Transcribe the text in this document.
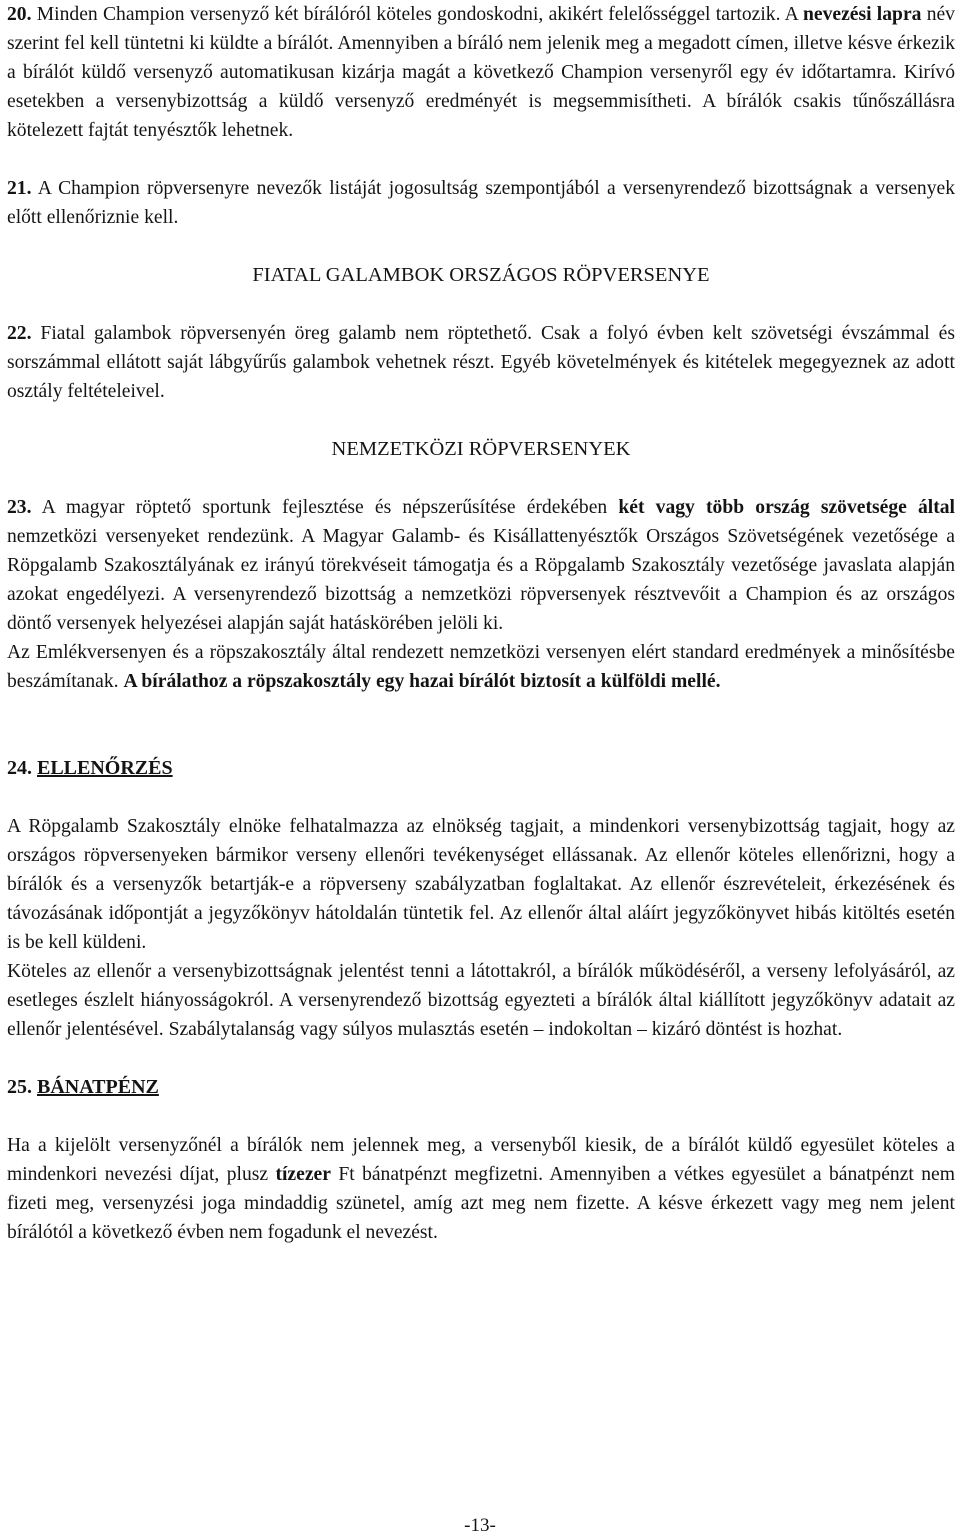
20. Minden Champion versenyző két bírálóról köteles gondoskodni, akikért felelősséggel tartozik. A nevezési lapra név szerint fel kell tüntetni ki küldte a bírálót. Amennyiben a bíráló nem jelenik meg a megadott címen, illetve késve érkezik a bírálót küldő versenyző automatikusan kizárja magát a következő Champion versenyről egy év időtartamra. Kirívó esetekben a versenybizottság a küldő versenyző eredményét is megsemmisítheti. A bírálók csakis tűnőszállásra kötelezett fajtát tenyésztők lehetnek.

21. A Champion röpversenyre nevezők listáját jogosultság szempontjából a versenyrendező bizottságnak a versenyek előtt ellenőriznie kell.

FIATAL GALAMBOK ORSZÁGOS RÖPVERSENYE

22. Fiatal galambok röpversenyén öreg galamb nem röptethető. Csak a folyó évben kelt szövetségi évszámmal és sorszámmal ellátott saját lábgyűrűs galambok vehetnek részt. Egyéb követelmények és kitételek megegyeznek az adott osztály feltételeivel.

NEMZETKÖZI RÖPVERSENYEK

23. A magyar röptető sportunk fejlesztése és népszerűsítése érdekében két vagy több ország szövetsége által nemzetközi versenyeket rendezünk. A Magyar Galamb- és Kisállattenyésztők Országos Szövetségének vezetősége a Röpgalamb Szakosztályának ez irányú törekvéseit támogatja és a Röpgalamb Szakosztály vezetősége javaslata alapján azokat engedélyezi. A versenyrendező bizottság a nemzetközi röpversenyek résztvevőit a Champion és az országos döntő versenyek helyezései alapján saját hatáskörében jelöli ki.

Az Emlékversenyen és a röpszakosztály által rendezett nemzetközi versenyen elért standard eredmények a minősítésbe beszámítanak. A bírálathoz a röpszakosztály egy hazai bírálót biztosít a külföldi mellé.

24. ELLENŐRZÉS

A Röpgalamb Szakosztály elnöke felhatalmazza az elnökség tagjait, a mindenkori versenybizottság tagjait, hogy az országos röpversenyeken bármikor verseny ellenőri tevékenységet ellássanak. Az ellenőr köteles ellenőrizni, hogy a bírálók és a versenyzők betartják-e a röpverseny szabályzatban foglaltakat. Az ellenőr észrevételeit, érkezésének és távozásának időpontját a jegyzőkönyv hátoldalán tüntetik fel. Az ellenőr által aláírt jegyzőkönyvet hibás kitöltés esetén is be kell küldeni.

Köteles az ellenőr a versenybizottságnak jelentést tenni a látottakról, a bírálók működéséről, a verseny lefolyásáról, az esetleges észlelt hiányosságokról. A versenyrendező bizottság egyezteti a bírálók által kiállított jegyzőkönyv adatait az ellenőr jelentésével. Szabálytalanság vagy súlyos mulasztás esetén – indokoltan – kizáró döntést is hozhat.

25. BÁNATPÉNZ

Ha a kijelölt versenyzőnél a bírálók nem jelennek meg, a versenyből kiesik, de a bírálót küldő egyesület köteles a mindenkori nevezési díjat, plusz tízezer Ft bánatpénzt megfizetni. Amennyiben a vétkes egyesület a bánatpénzt nem fizeti meg, versenyzési joga mindaddig szünetel, amíg azt meg nem fizette. A késve érkezett vagy meg nem jelent bírálótól a következő évben nem fogadunk el nevezést.

-13-
